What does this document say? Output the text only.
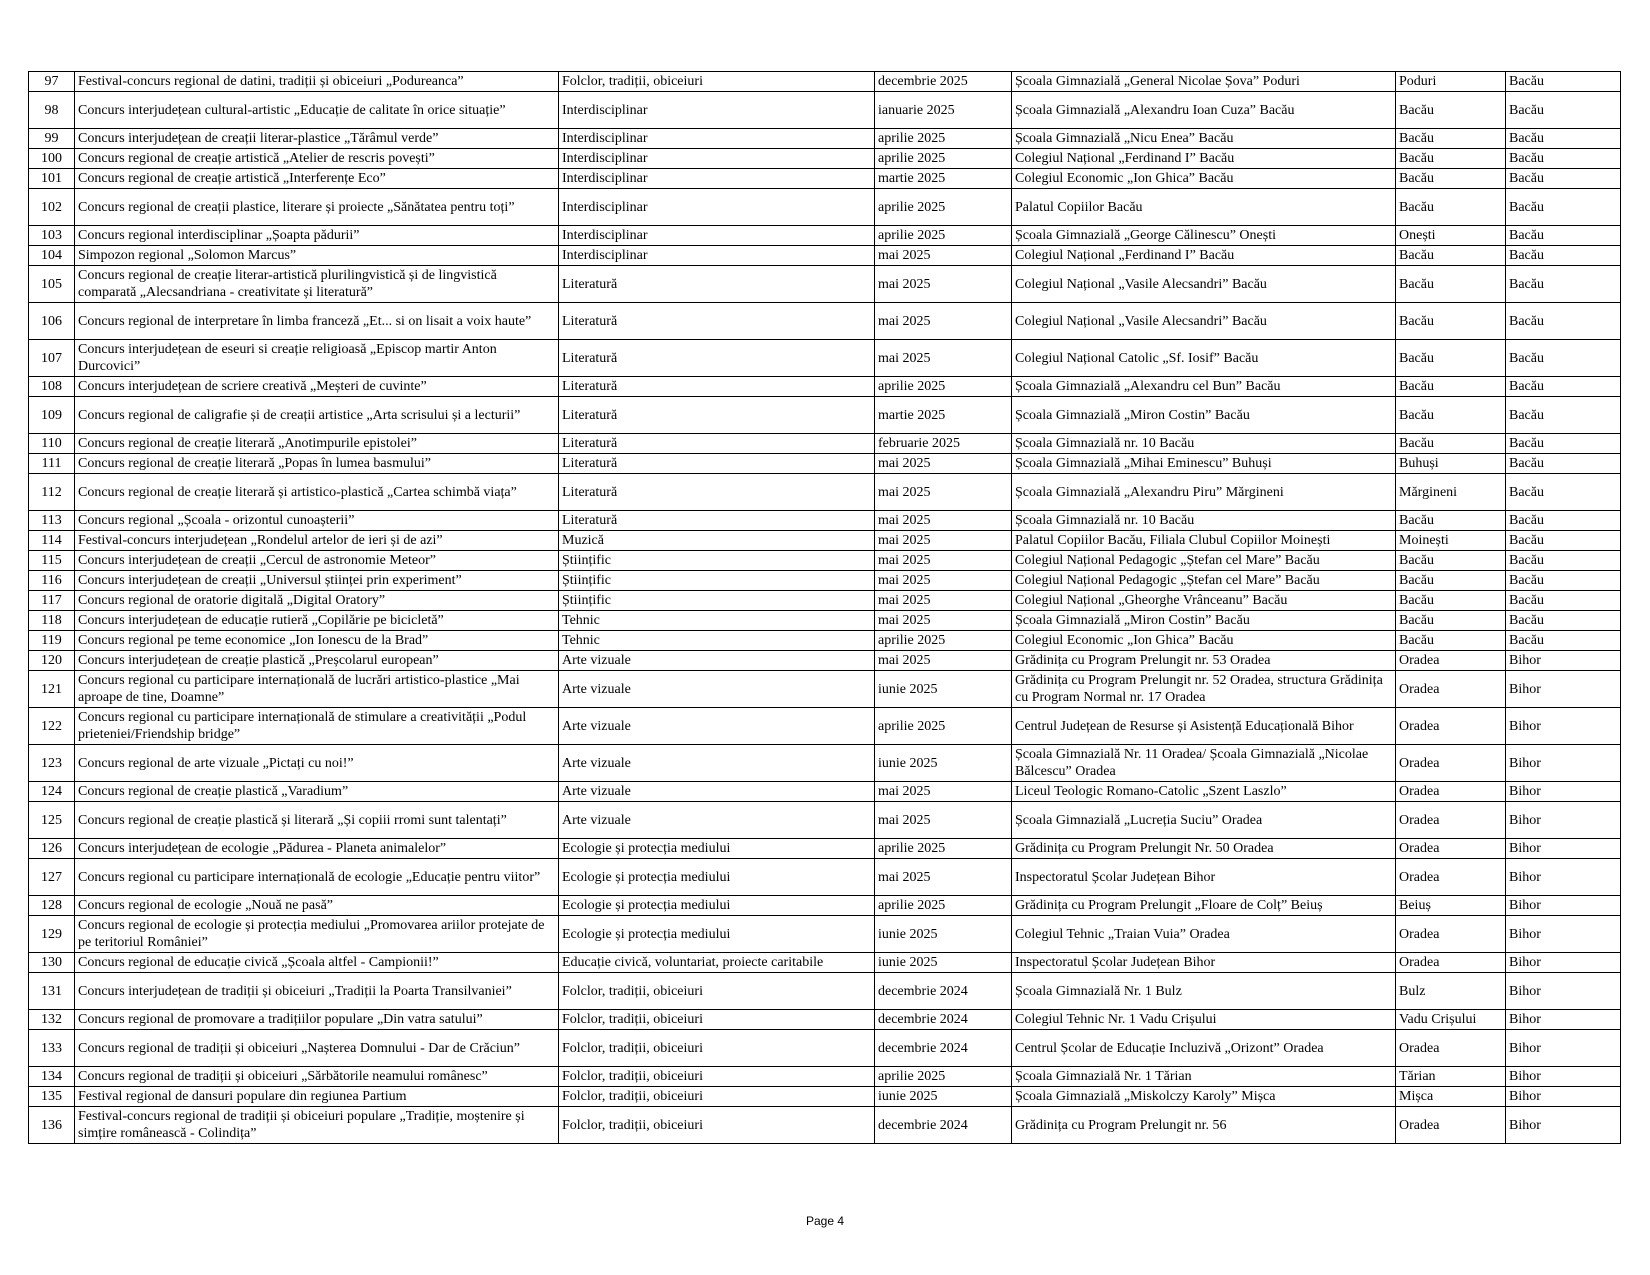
97	Festival-concurs regional de datini, tradiții și obiceiuri „Podureanca”	Folclor, tradiții, obiceiuri	decembrie 2025	Școala Gimnazială „General Nicolae Șova” Poduri	Poduri	Bacău
98	Concurs interjudețean cultural-artistic „Educație de calitate în orice situație”	Interdisciplinar	ianuarie 2025	Școala Gimnazială „Alexandru Ioan Cuza” Bacău	Bacău	Bacău
99	Concurs interjudețean de creații literar-plastice „Tărâmul verde”	Interdisciplinar	aprilie 2025	Școala Gimnazială „Nicu Enea” Bacău	Bacău	Bacău
100	Concurs regional de creație artistică „Atelier de rescris povești”	Interdisciplinar	aprilie 2025	Colegiul Național „Ferdinand I” Bacău	Bacău	Bacău
101	Concurs regional de creație artistică „Interferențe Eco”	Interdisciplinar	martie 2025	Colegiul Economic „Ion Ghica” Bacău	Bacău	Bacău
102	Concurs regional de creații plastice, literare și proiecte „Sănătatea pentru toți”	Interdisciplinar	aprilie 2025	Palatul Copiilor Bacău	Bacău	Bacău
103	Concurs regional interdisciplinar „Șoapta pădurii”	Interdisciplinar	aprilie 2025	Școala Gimnazială „George Călinescu” Onești	Onești	Bacău
104	Simpozon regional „Solomon Marcus”	Interdisciplinar	mai 2025	Colegiul Național „Ferdinand I” Bacău	Bacău	Bacău
105	Concurs regional de creație literar-artistică plurilingvistică și de lingvistică comparată „Alecsandriana - creativitate și literatură”	Literatură	mai 2025	Colegiul Național „Vasile Alecsandri” Bacău	Bacău	Bacău
106	Concurs regional de interpretare în limba franceză „Et... si on lisait a voix haute”	Literatură	mai 2025	Colegiul Național „Vasile Alecsandri” Bacău	Bacău	Bacău
107	Concurs interjudețean de eseuri si creație religioasă „Episcop martir Anton Durcovici”	Literatură	mai 2025	Colegiul Național Catolic „Sf. Iosif” Bacău	Bacău	Bacău
108	Concurs interjudețean de scriere creativă „Meșteri de cuvinte”	Literatură	aprilie 2025	Școala Gimnazială „Alexandru cel Bun” Bacău	Bacău	Bacău
109	Concurs regional de caligrafie și de creații artistice „Arta scrisului și a lecturii”	Literatură	martie 2025	Școala Gimnazială „Miron Costin” Bacău	Bacău	Bacău
110	Concurs regional de creație literară „Anotimpurile epistolei”	Literatură	februarie 2025	Școala Gimnazială nr. 10 Bacău	Bacău	Bacău
111	Concurs regional de creație literară „Popas în lumea basmului”	Literatură	mai 2025	Școala Gimnazială „Mihai Eminescu” Buhuși	Buhuși	Bacău
112	Concurs regional de creație literară și artistico-plastică „Cartea schimbă viața”	Literatură	mai 2025	Școala Gimnazială „Alexandru Piru” Mărgineni	Mărgineni	Bacău
113	Concurs regional „Școala - orizontul cunoașterii”	Literatură	mai 2025	Școala Gimnazială nr. 10 Bacău	Bacău	Bacău
114	Festival-concurs interjudețean „Rondelul artelor de ieri și de azi”	Muzică	mai 2025	Palatul Copiilor Bacău, Filiala Clubul Copiilor Moinești	Moinești	Bacău
115	Concurs interjudețean de creații „Cercul de astronomie Meteor”	Științific	mai 2025	Colegiul Național Pedagogic „Ștefan cel Mare” Bacău	Bacău	Bacău
116	Concurs interjudețean de creații „Universul științei prin experiment”	Științific	mai 2025	Colegiul Național Pedagogic „Ștefan cel Mare” Bacău	Bacău	Bacău
117	Concurs regional de oratorie digitală „Digital Oratory”	Științific	mai 2025	Colegiul Național „Gheorghe Vrânceanu” Bacău	Bacău	Bacău
118	Concurs interjudețean de educație rutieră „Copilărie pe bicicletă”	Tehnic	mai 2025	Școala Gimnazială „Miron Costin” Bacău	Bacău	Bacău
119	Concurs regional pe teme economice „Ion Ionescu de la Brad”	Tehnic	aprilie 2025	Colegiul Economic „Ion Ghica” Bacău	Bacău	Bacău
120	Concurs interjudețean de creație plastică „Preșcolarul european”	Arte vizuale	mai 2025	Grădinița cu Program Prelungit nr. 53 Oradea	Oradea	Bihor
121	Concurs regional cu participare internațională de lucrări artistico-plastice „Mai aproape de tine, Doamne”	Arte vizuale	iunie 2025	Grădinița cu Program Prelungit nr. 52 Oradea, structura Grădinița cu Program Normal nr. 17 Oradea	Oradea	Bihor
122	Concurs regional cu participare internațională de stimulare a creativității „Podul prieteniei/Friendship bridge”	Arte vizuale	aprilie 2025	Centrul Județean de Resurse și Asistență Educațională Bihor	Oradea	Bihor
123	Concurs regional de arte vizuale „Pictați cu noi!”	Arte vizuale	iunie 2025	Școala Gimnazială Nr. 11 Oradea/ Școala Gimnazială „Nicolae Bălcescu” Oradea	Oradea	Bihor
124	Concurs regional de creație plastică „Varadium”	Arte vizuale	mai 2025	Liceul Teologic Romano-Catolic „Szent Laszlo”	Oradea	Bihor
125	Concurs regional de creație plastică și literară „Și copiii rromi sunt talentați”	Arte vizuale	mai 2025	Școala Gimnazială „Lucreția Suciu” Oradea	Oradea	Bihor
126	Concurs interjudețean de ecologie „Pădurea - Planeta animalelor”	Ecologie și protecția mediului	aprilie 2025	Grădinița cu Program Prelungit Nr. 50 Oradea	Oradea	Bihor
127	Concurs regional cu participare internațională de ecologie „Educație pentru viitor”	Ecologie și protecția mediului	mai 2025	Inspectoratul Școlar Județean Bihor	Oradea	Bihor
128	Concurs regional de ecologie „Nouă ne pasă”	Ecologie și protecția mediului	aprilie 2025	Grădinița cu Program Prelungit „Floare de Colț” Beiuș	Beiuș	Bihor
129	Concurs regional de ecologie și protecția mediului „Promovarea ariilor protejate de pe teritoriul României”	Ecologie și protecția mediului	iunie 2025	Colegiul Tehnic „Traian Vuia” Oradea	Oradea	Bihor
130	Concurs regional de educație civică „Școala altfel - Campionii!”	Educație civică, voluntariat, proiecte caritabile	iunie 2025	Inspectoratul Școlar Județean Bihor	Oradea	Bihor
131	Concurs interjudețean de tradiții și obiceiuri „Tradiții la Poarta Transilvaniei”	Folclor, tradiții, obiceiuri	decembrie 2024	Școala Gimnazială Nr. 1 Bulz	Bulz	Bihor
132	Concurs regional de promovare a tradițiilor populare „Din vatra satului”	Folclor, tradiții, obiceiuri	decembrie 2024	Colegiul Tehnic Nr. 1 Vadu Crișului	Vadu Crișului	Bihor
133	Concurs regional de tradiții și obiceiuri „Nașterea Domnului - Dar de Crăciun”	Folclor, tradiții, obiceiuri	decembrie 2024	Centrul Școlar de Educație Incluzivă „Orizont” Oradea	Oradea	Bihor
134	Concurs regional de tradiții și obiceiuri „Sărbătorile neamului românesc”	Folclor, tradiții, obiceiuri	aprilie 2025	Școala Gimnazială Nr. 1 Tărian	Tărian	Bihor
135	Festival regional de dansuri populare din regiunea Partium	Folclor, tradiții, obiceiuri	iunie 2025	Școala Gimnazială „Miskolczy Karoly” Mișca	Mișca	Bihor
136	Festival-concurs regional de tradiții și obiceiuri populare „Tradiție, moștenire și simțire românească - Colindița”	Folclor, tradiții, obiceiuri	decembrie 2024	Grădinița cu Program Prelungit nr. 56	Oradea	Bihor
Page 4
